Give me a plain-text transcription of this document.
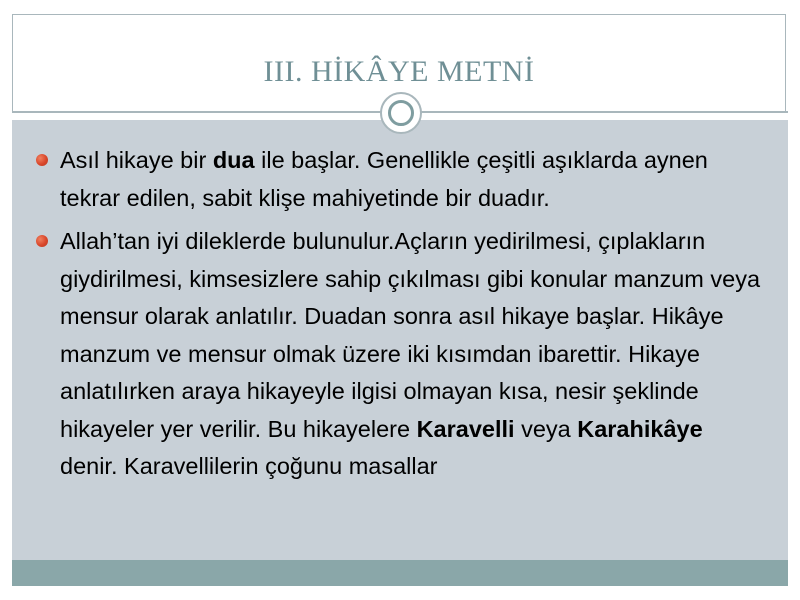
III. HİKÂYE METNİ
Asıl hikaye bir dua ile başlar. Genellikle çeşitli aşıklarda aynen tekrar edilen, sabit klişe mahiyetinde bir duadır.
Allah’tan iyi dileklerde bulunulur.Açların yedirilmesi, çıplakların giydirilmesi, kimsesizlere sahip çıkılması gibi konular manzum veya mensur olarak anlatılır. Duadan sonra asıl hikaye başlar. Hikâye manzum ve mensur olmak üzere iki kısımdan ibarettir. Hikaye anlatılırken araya hikayeyle ilgisi olmayan kısa, nesir şeklinde hikayeler yer verilir. Bu hikayelere Karavelli veya Karahikâye denir. Karavellilerin çoğunu masallar
